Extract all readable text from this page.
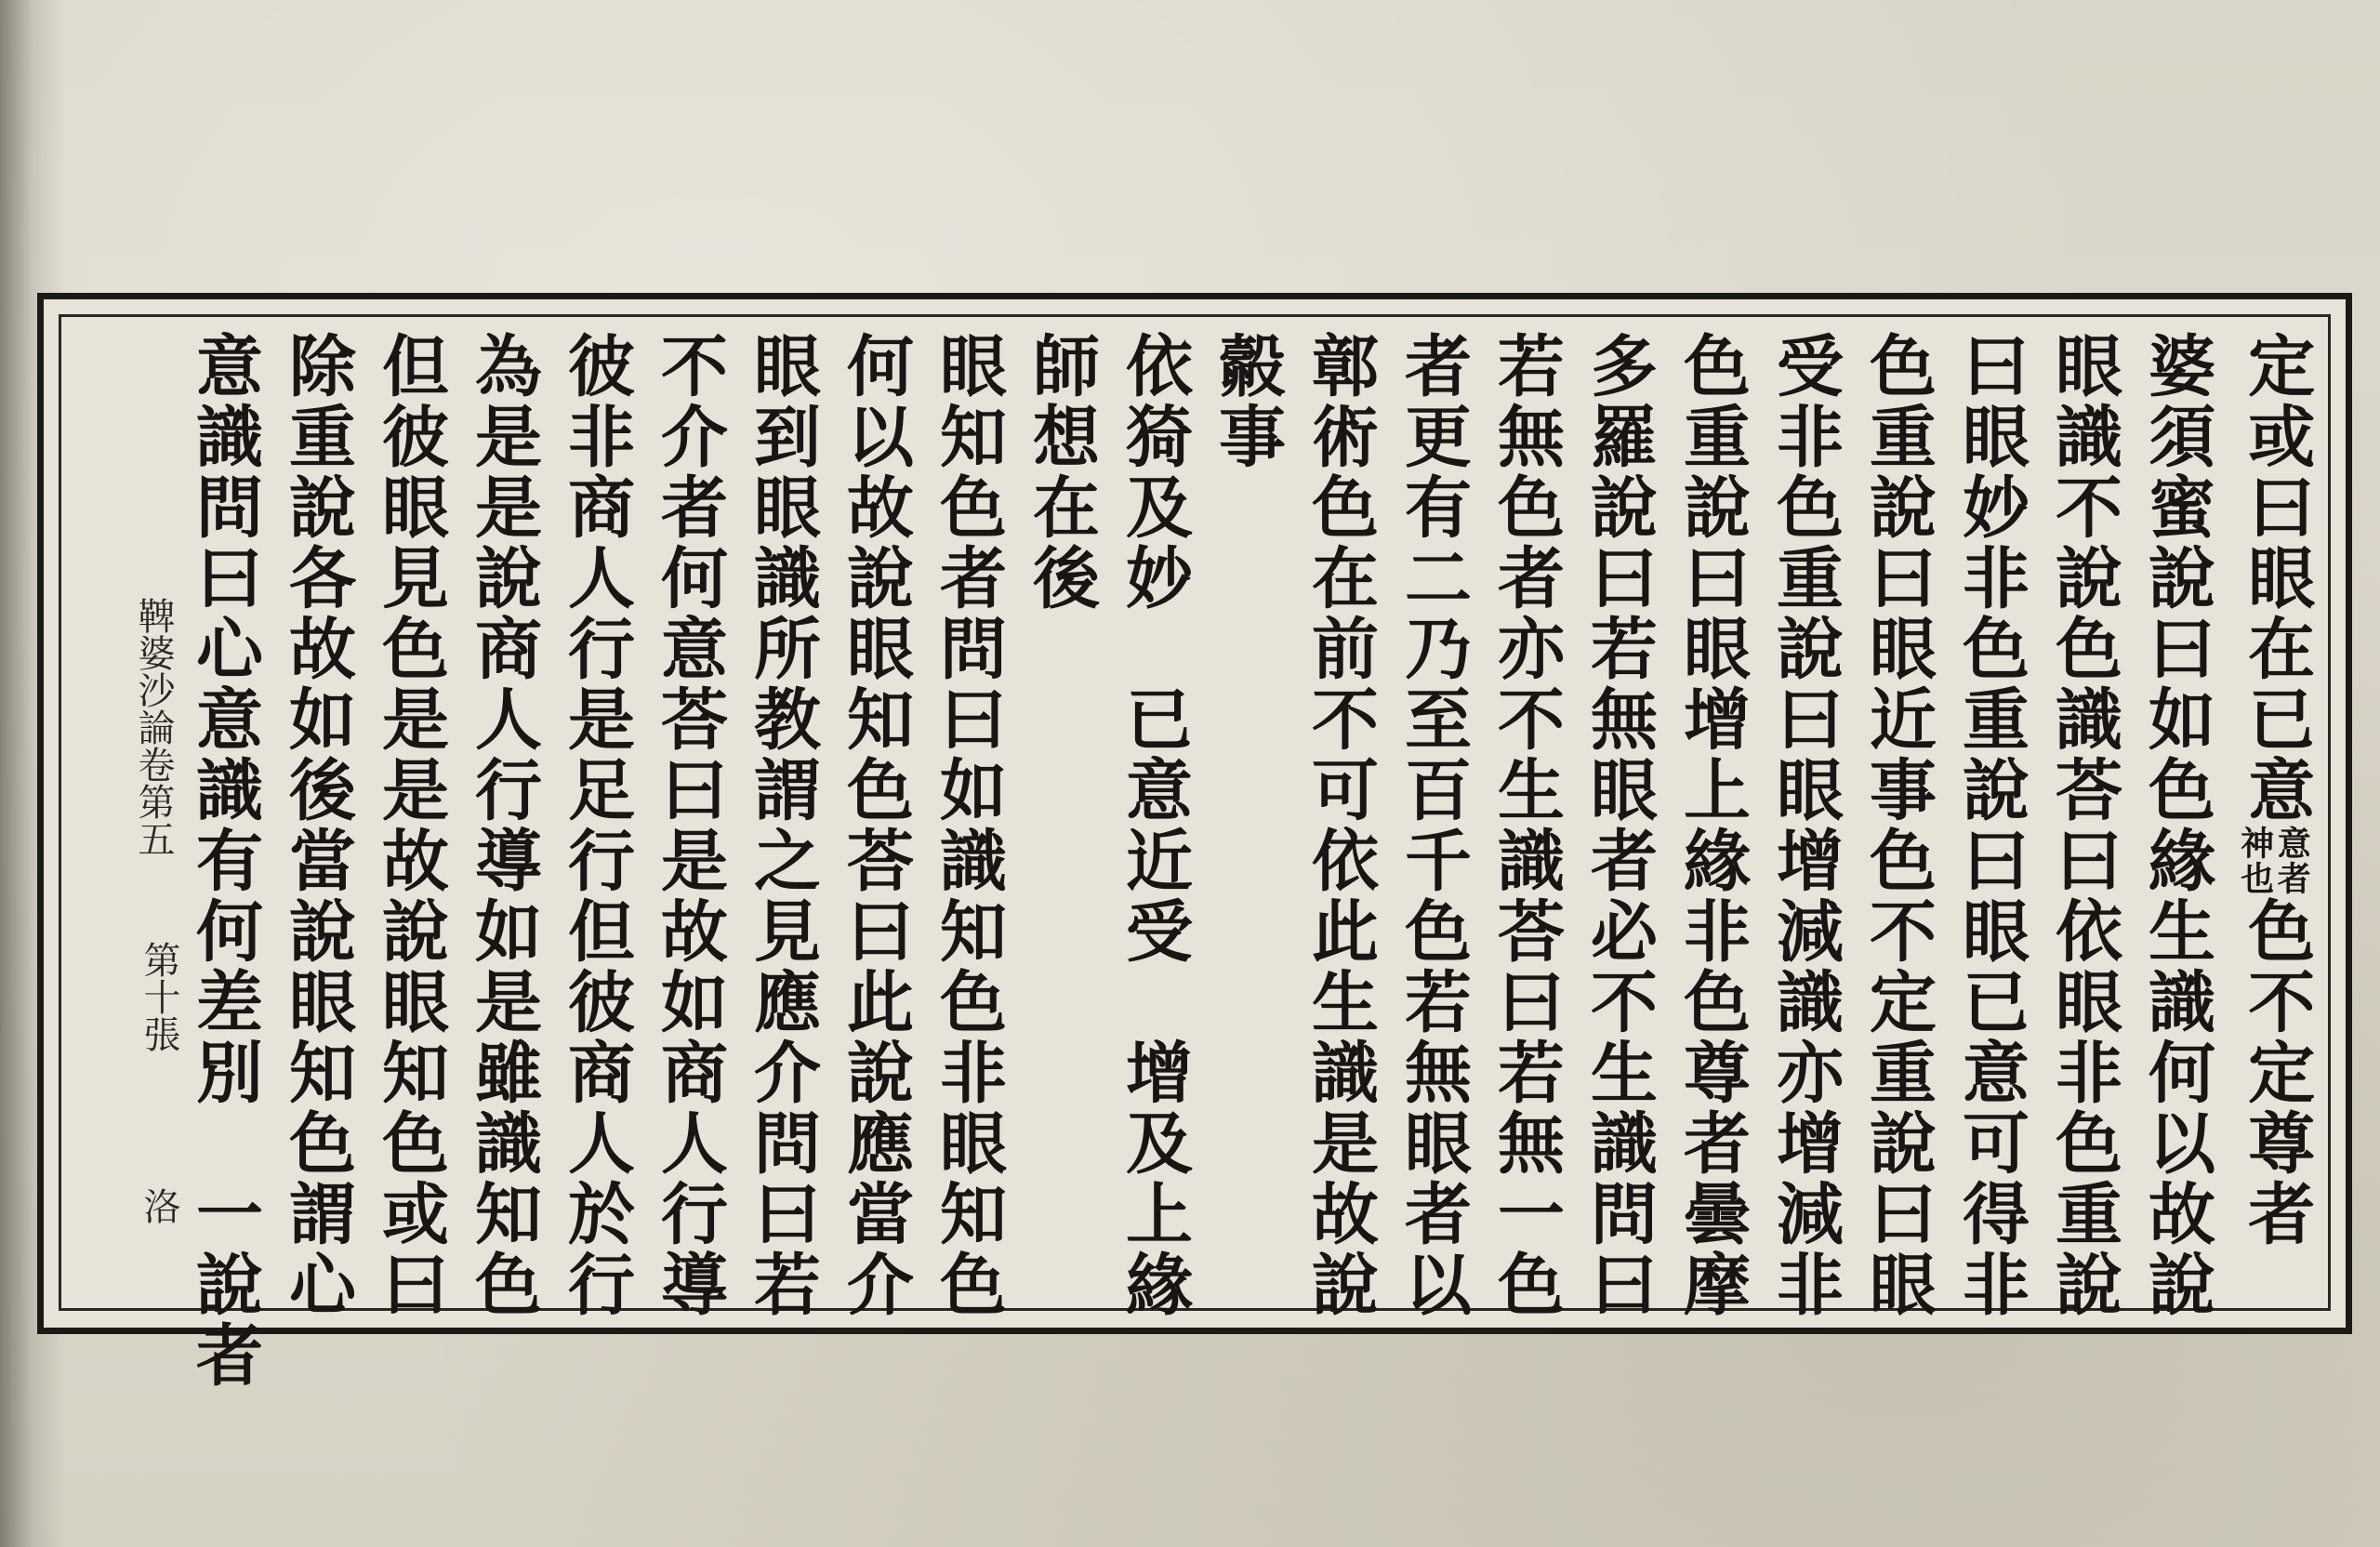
定或曰眼在已意意者
神也色不定尊者
婆須蜜說曰如色緣生識何以故說
眼識不說色識荅曰依眼非色重說
曰眼妙非色重說曰眼已意可得非
色重說曰眼近事色不定重說曰眼
受非色重說曰眼增減識亦增減非
色重說曰眼增上緣非色尊者曇摩
多羅說曰若無眼者必不生識問曰
若無色者亦不生識荅曰若無一色
者更有二乃至百千色若無眼者以
鄣術色在前不可依此生識是故說
㲉事
依猗及妙　已意近受　增及上緣
師想在後
眼知色者問曰如識知色非眼知色
何以故說眼知色荅曰此說應當介
眼到眼識所教謂之見應介問曰若
不介者何意荅曰是故如商人行導
彼非商人行是足行但彼商人於行
為是是說商人行導如是雖識知色
但彼眼見色是是故說眼知色或曰
除重說各故如後當說眼知色謂心
意識問曰心意識有何差別　一說者
鞞婆沙論卷第五
第十張
洛
